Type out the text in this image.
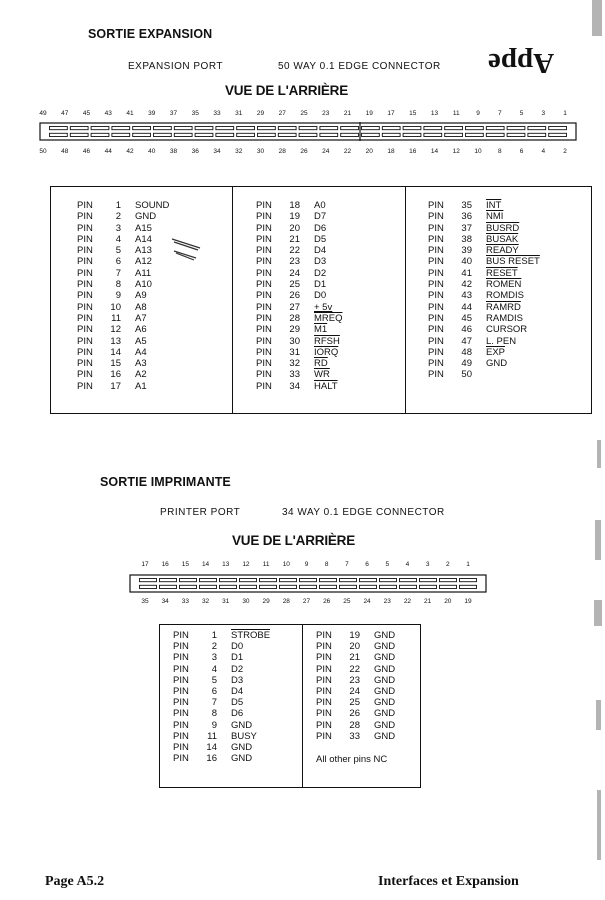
SORTIE EXPANSION
Appe
EXPANSION PORT	50 WAY 0.1 EDGE CONNECTOR
VUE DE L'ARRIÈRE
49 47 45 43 41 39 37 35 33 31 29 27 25 23 21 19 17 15 13 11	9	7	5	3	1
50 48 46 44 42 40 38 36 34 32 30 28 26 24 22 20 18 16 14 12 10	8	6	4	2
PIN	1	SOUND
PIN	2	GND
PIN	3	A15
PIN	4	A14
PIN	5	A13
PIN	6	A12
PIN	7	A11
PIN	8	A10
PIN	9	A9
PIN	10	A8
PIN	11	A7
PIN	12	A6
PIN	13	A5
PIN	14	A4
PIN	15	A3
PIN	16	A2
PIN	17	A1
PIN	18	A0
PIN	19	D7
PIN	20	D6
PIN	21	D5
PIN	22	D4
PIN	23	D3
PIN	24	D2
PIN	25	D1
PIN	26	D0
PIN	27	+ 5v
PIN	28	MREQ
PIN	29	M1
PIN	30	RFSH
PIN	31	IORQ
PIN	32	$\overline{RD}$
PIN	33	$\overline{WR}$
PIN	34	HALT
PIN	35	$\overline{INT}$
PIN	36	$\overline{NMI}$
PIN	37	BUSRD
PIN	38	BUSAK
PIN	39	READY
PIN	40	BUS RESET
PIN	41	RESET
PIN	42	ROMEN
PIN	43	ROMDIS
PIN	44	RAMRD
PIN	45	RAMDIS
PIN	46	CURSOR
PIN	47	L. PEN
PIN	48	$\overline{EXP}$
PIN	49	GND
PIN	50
SORTIE IMPRIMANTE
PRINTER PORT	34 WAY 0.1 EDGE CONNECTOR
VUE DE L'ARRIÈRE
17 16 15 14 13 12 11 10 9	8	7	6	5	4	3	2	1
35 34 33 32 31 30 29 28 27 26 25 24 23 22 21 20 19
PIN	1	STROBE
PIN	2	D0
PIN	3	D1
PIN	4	D2
PIN	5	D3
PIN	6	D4
PIN	7	D5
PIN	8	D6
PIN	9	GND
PIN	11	BUSY
PIN	14	GND
PIN	16	GND
PIN	19	GND
PIN	20	GND
PIN	21	GND
PIN	22	GND
PIN	23	GND
PIN	24	GND
PIN	25	GND
PIN	26	GND
PIN	28	GND
PIN	33	GND
All other pins NC
Page A5.2	Interfaces et Expansion
